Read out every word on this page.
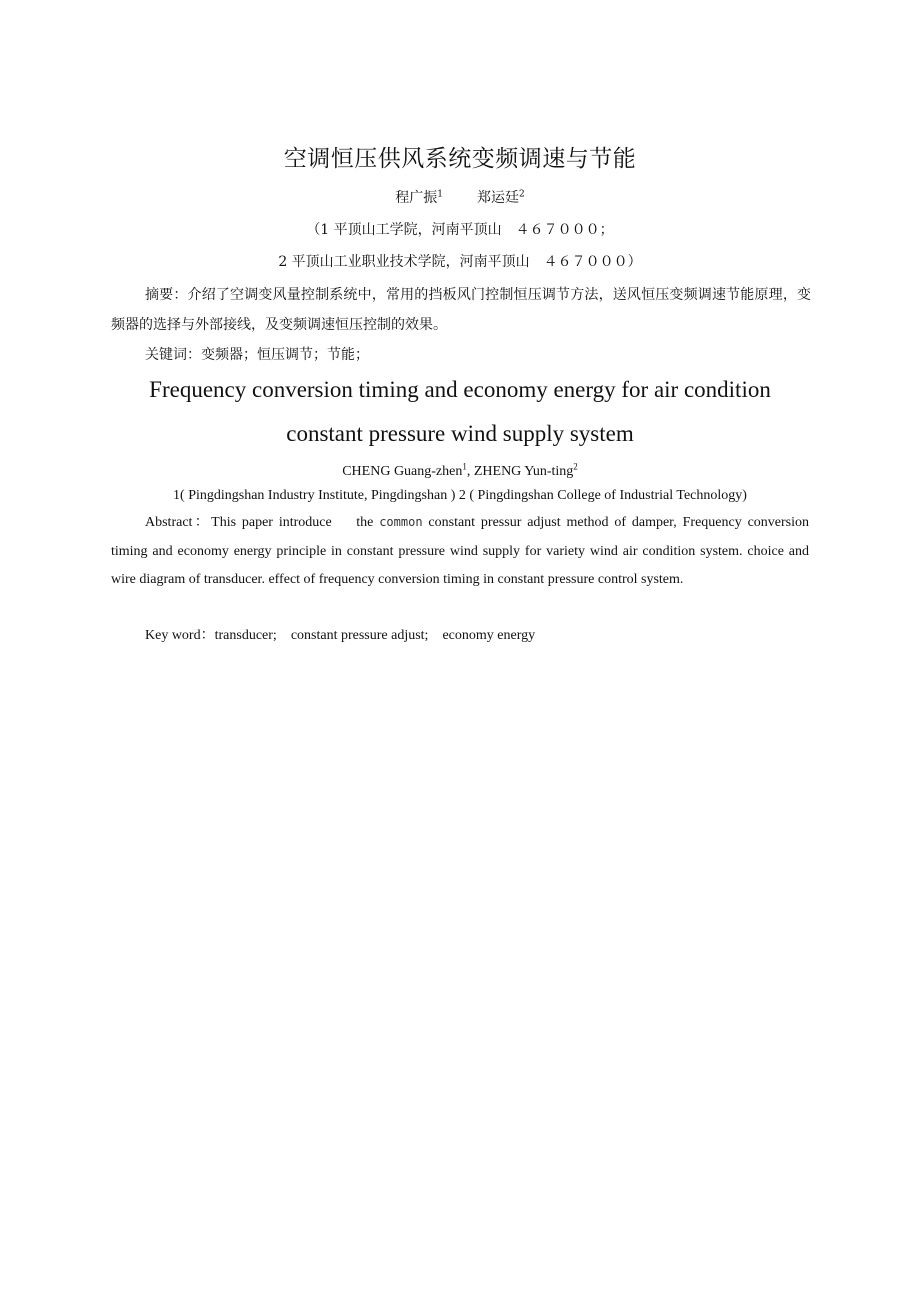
空调恒压供风系统变频调速与节能
程广振$^1$ 郑运廷$^2$
（1 平顶山工学院，河南平顶山　４６７０００；
2 平顶山工业职业技术学院，河南平顶山　４６７０００）
摘要：介绍了空调变风量控制系统中，常用的挡板风门控制恒压调节方法，送风恒压变频调速节能原理，变频器的选择与外部接线，及变频调速恒压控制的效果。
关键词：变频器；恒压调节；节能；
Frequency conversion timing and economy energy for air condition
constant pressure wind supply system
CHENG Guang-zhen$^1$, ZHENG Yun-ting$^2$
1( Pingdingshan Industry Institute, Pingdingshan ) 2 ( Pingdingshan College of Industrial Technology)
Abstract：This paper introduce　 the common constant pressur adjust method of damper, Frequency conversion timing and economy energy principle in constant pressure wind supply for variety wind air condition system. choice and wire diagram of transducer. effect of frequency conversion timing in constant pressure control system.
Key word：transducer; constant pressure adjust; economy energy
